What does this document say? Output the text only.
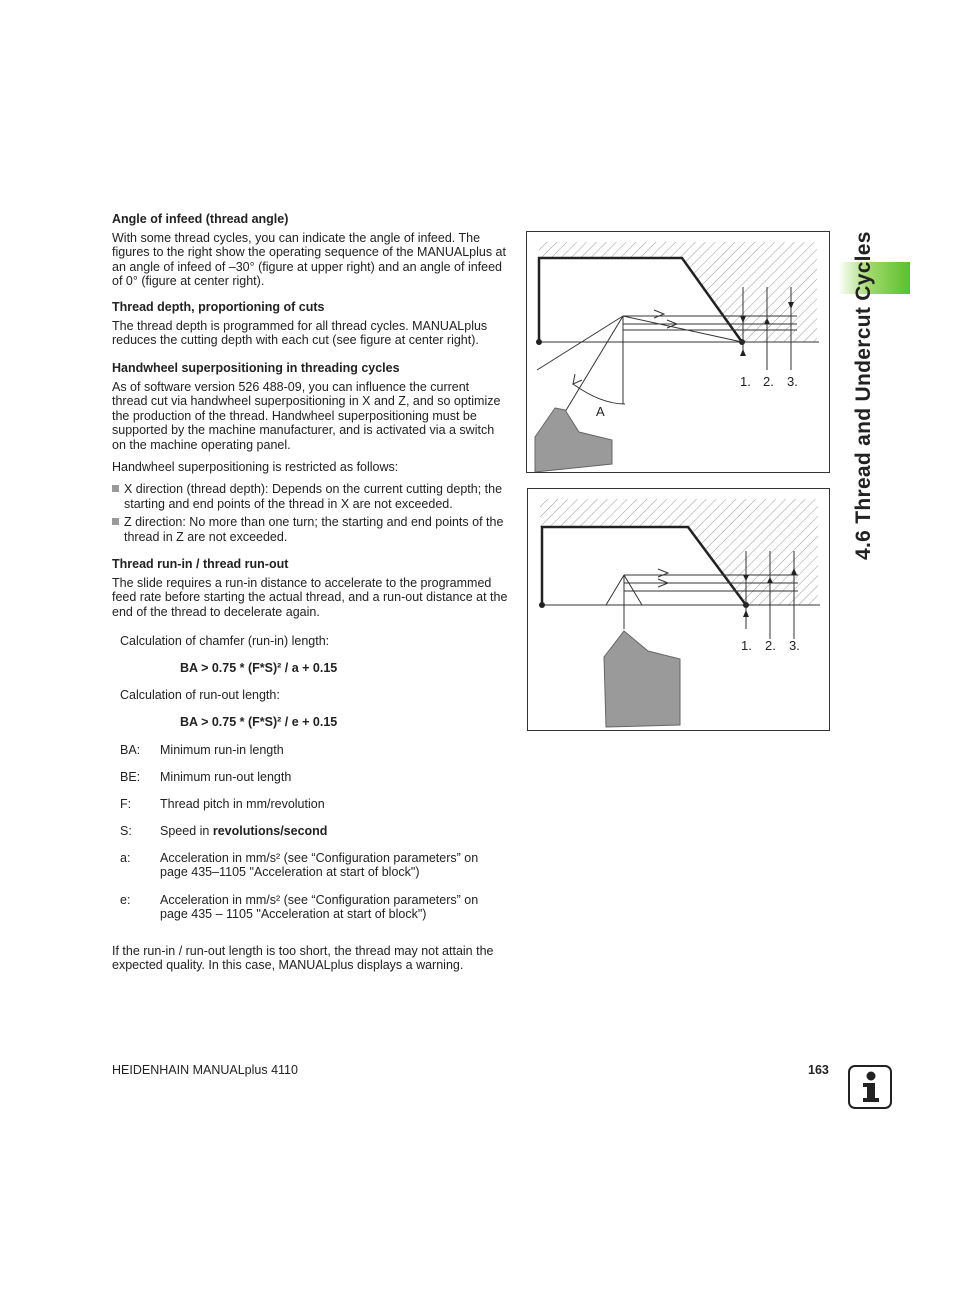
4.6 Thread and Undercut Cycles
Angle of infeed (thread angle)

With some thread cycles, you can indicate the angle of infeed. The figures to the right show the operating sequence of the MANUALplus at an angle of infeed of –30° (figure at upper right) and an angle of infeed of 0° (figure at center right).

Thread depth, proportioning of cuts

The thread depth is programmed for all thread cycles. MANUALplus reduces the cutting depth with each cut (see figure at center right).

Handwheel superpositioning in threading cycles

As of software version 526 488-09, you can influence the current thread cut via handwheel superpositioning in X and Z, and so optimize the production of the thread. Handwheel superpositioning must be supported by the machine manufacturer, and is activated via a switch on the machine operating panel.

Handwheel superpositioning is restricted as follows:

X direction (thread depth): Depends on the current cutting depth; the starting and end points of the thread in X are not exceeded.
Z direction: No more than one turn; the starting and end points of the thread in Z are not exceeded.
Thread run-in / thread run-out

The slide requires a run-in distance to accelerate to the programmed feed rate before starting the actual thread, and a run-out distance at the end of the thread to decelerate again.

Calculation of chamfer (run-in) length:
BA > 0.75 * (F*S)² / a + 0.15
Calculation of run-out length:
BA > 0.75 * (F*S)² / e + 0.15
BA: Minimum run-in length
BE: Minimum run-out length
F: Thread pitch in mm/revolution
S: Speed in revolutions/second
a: Acceleration in mm/s² (see “Configuration parameters” on page 435–1105 "Acceleration at start of block")
e: Acceleration in mm/s² (see “Configuration parameters” on page 435 – 1105 "Acceleration at start of block")
If the run-in / run-out length is too short, the thread may not attain the expected quality. In this case, MANUALplus displays a warning.
1. 2. 3.
A
1. 2. 3.
HEIDENHAIN MANUALplus 4110	163
